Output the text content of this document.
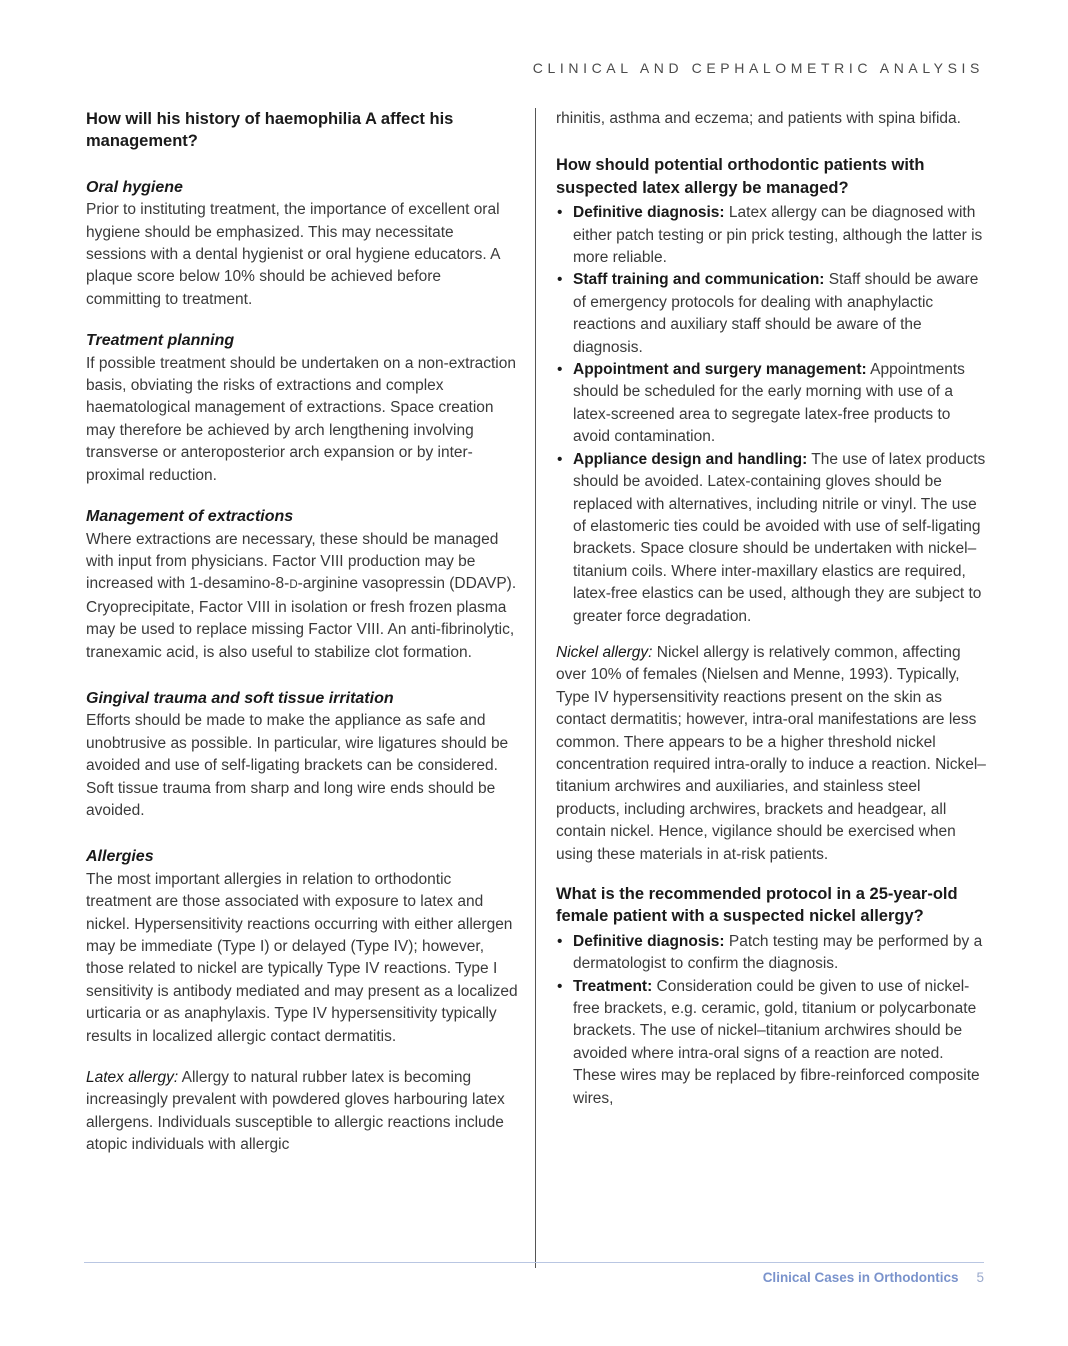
CLINICAL AND CEPHALOMETRIC ANALYSIS
How will his history of haemophilia A affect his management?
Oral hygiene

Prior to instituting treatment, the importance of excellent oral hygiene should be emphasized. This may necessitate sessions with a dental hygienist or oral hygiene educators. A plaque score below 10% should be achieved before committing to treatment.

Treatment planning

If possible treatment should be undertaken on a non-extraction basis, obviating the risks of extractions and complex haematological management of extractions. Space creation may therefore be achieved by arch lengthening involving transverse or anteroposterior arch expansion or by inter-proximal reduction.

Management of extractions

Where extractions are necessary, these should be managed with input from physicians. Factor VIII production may be increased with 1-desamino-8-D-arginine vasopressin (DDAVP). Cryoprecipitate, Factor VIII in isolation or fresh frozen plasma may be used to replace missing Factor VIII. An anti-fibrinolytic, tranexamic acid, is also useful to stabilize clot formation.

Gingival trauma and soft tissue irritation

Efforts should be made to make the appliance as safe and unobtrusive as possible. In particular, wire ligatures should be avoided and use of self-ligating brackets can be considered. Soft tissue trauma from sharp and long wire ends should be avoided.

Allergies

The most important allergies in relation to orthodontic treatment are those associated with exposure to latex and nickel. Hypersensitivity reactions occurring with either allergen may be immediate (Type I) or delayed (Type IV); however, those related to nickel are typically Type IV reactions. Type I sensitivity is antibody mediated and may present as a localized urticaria or as anaphylaxis. Type IV hypersensitivity typically results in localized allergic contact dermatitis.

Latex allergy: Allergy to natural rubber latex is becoming increasingly prevalent with powdered gloves harbouring latex allergens. Individuals susceptible to allergic reactions include atopic individuals with allergic

rhinitis, asthma and eczema; and patients with spina bifida.

How should potential orthodontic patients with suspected latex allergy be managed?
• Definitive diagnosis: Latex allergy can be diagnosed with either patch testing or pin prick testing, although the latter is more reliable.
• Staff training and communication: Staff should be aware of emergency protocols for dealing with anaphylactic reactions and auxiliary staff should be aware of the diagnosis.
• Appointment and surgery management: Appointments should be scheduled for the early morning with use of a latex-screened area to segregate latex-free products to avoid contamination.
• Appliance design and handling: The use of latex products should be avoided. Latex-containing gloves should be replaced with alternatives, including nitrile or vinyl. The use of elastomeric ties could be avoided with use of self-ligating brackets. Space closure should be undertaken with nickel–titanium coils. Where inter-maxillary elastics are required, latex-free elastics can be used, although they are subject to greater force degradation.

Nickel allergy: Nickel allergy is relatively common, affecting over 10% of females (Nielsen and Menne, 1993). Typically, Type IV hypersensitivity reactions present on the skin as contact dermatitis; however, intra-oral manifestations are less common. There appears to be a higher threshold nickel concentration required intra-orally to induce a reaction. Nickel–titanium archwires and auxiliaries, and stainless steel products, including archwires, brackets and headgear, all contain nickel. Hence, vigilance should be exercised when using these materials in at-risk patients.

What is the recommended protocol in a 25-year-old female patient with a suspected nickel allergy?
• Definitive diagnosis: Patch testing may be performed by a dermatologist to confirm the diagnosis.
• Treatment: Consideration could be given to use of nickel-free brackets, e.g. ceramic, gold, titanium or polycarbonate brackets. The use of nickel–titanium archwires should be avoided where intra-oral signs of a reaction are noted. These wires may be replaced by fibre-reinforced composite wires,
Clinical Cases in Orthodontics 5
